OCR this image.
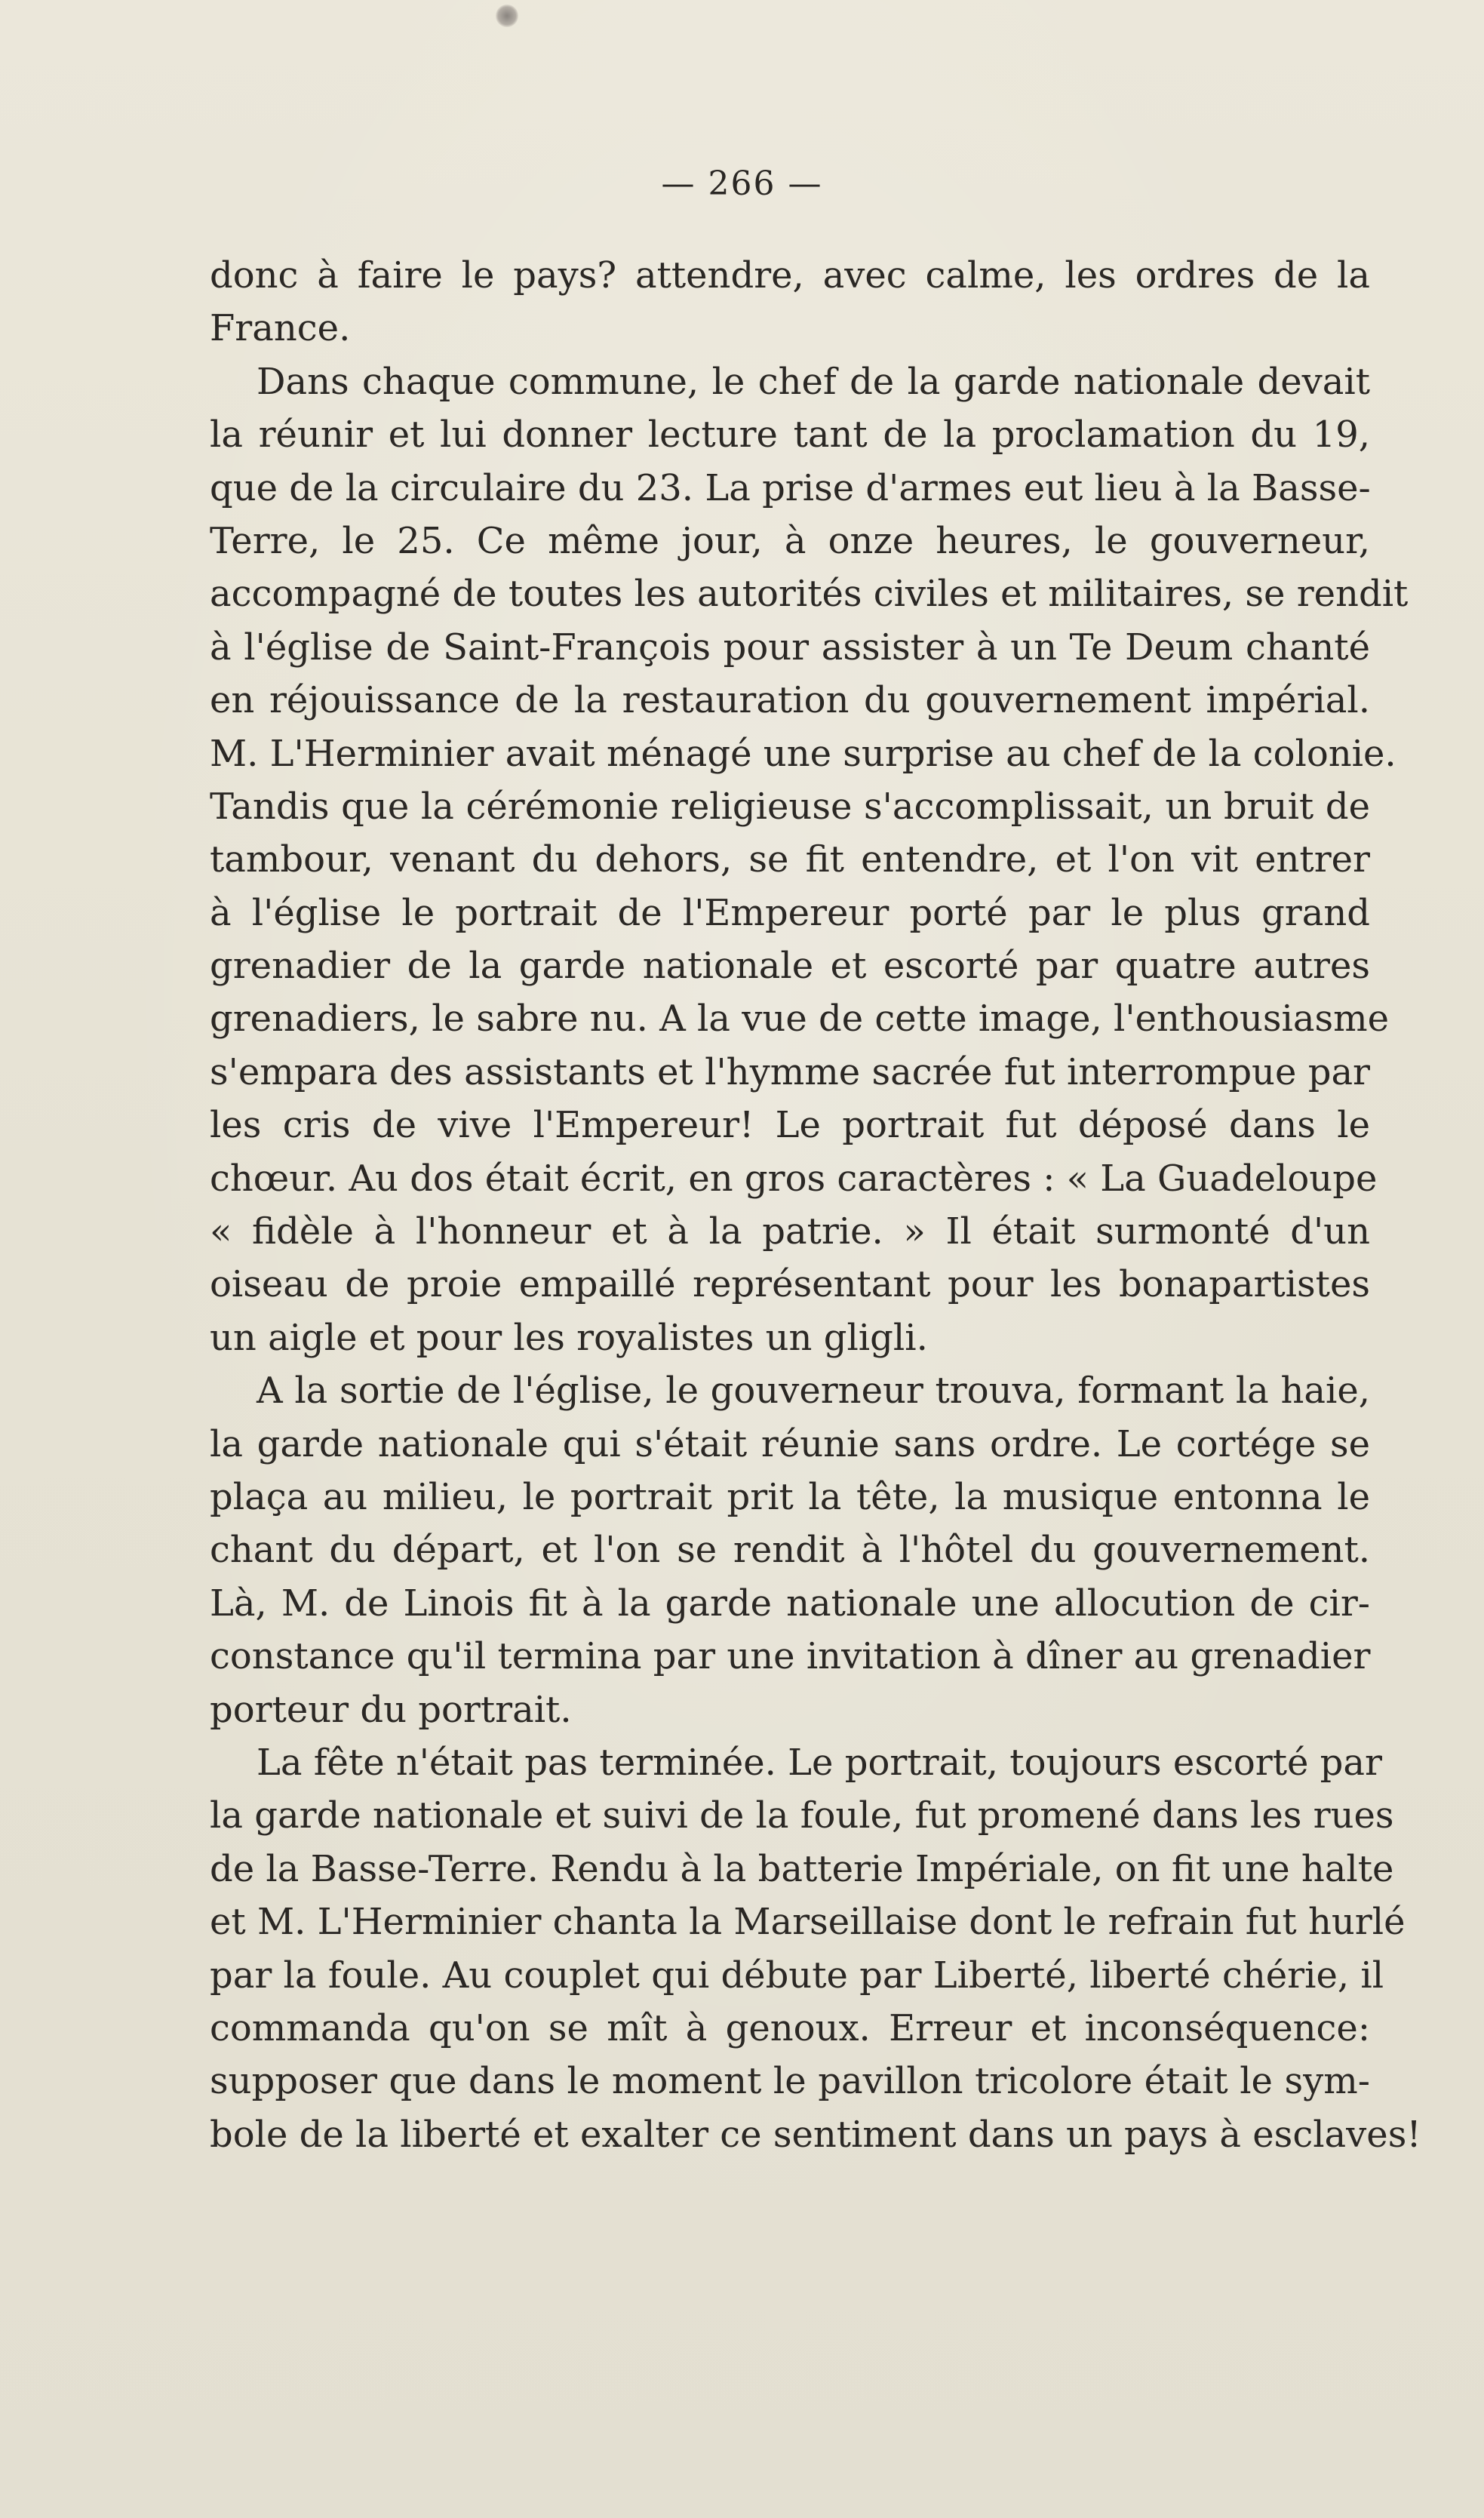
— 266 —
donc à faire le pays? attendre, avec calme, les ordres de la
France.
Dans chaque commune, le chef de la garde nationale devait
la réunir et lui donner lecture tant de la proclamation du 19,
que de la circulaire du 23. La prise d'armes eut lieu à la Basse-
Terre, le 25. Ce même jour, à onze heures, le gouverneur,
accompagné de toutes les autorités civiles et militaires, se rendit
à l'église de Saint-François pour assister à un Te Deum chanté
en réjouissance de la restauration du gouvernement impérial.
M. L'Herminier avait ménagé une surprise au chef de la colonie.
Tandis que la cérémonie religieuse s'accomplissait, un bruit de
tambour, venant du dehors, se fit entendre, et l'on vit entrer
à l'église le portrait de l'Empereur porté par le plus grand
grenadier de la garde nationale et escorté par quatre autres
grenadiers, le sabre nu. A la vue de cette image, l'enthousiasme
s'empara des assistants et l'hymme sacrée fut interrompue par
les cris de vive l'Empereur! Le portrait fut déposé dans le
chœur. Au dos était écrit, en gros caractères : « La Guadeloupe
« fidèle à l'honneur et à la patrie. » Il était surmonté d'un
oiseau de proie empaillé représentant pour les bonapartistes
un aigle et pour les royalistes un gligli.
A la sortie de l'église, le gouverneur trouva, formant la haie,
la garde nationale qui s'était réunie sans ordre. Le cortége se
plaça au milieu, le portrait prit la tête, la musique entonna le
chant du départ, et l'on se rendit à l'hôtel du gouvernement.
Là, M. de Linois fit à la garde nationale une allocution de cir-
constance qu'il termina par une invitation à dîner au grenadier
porteur du portrait.
La fête n'était pas terminée. Le portrait, toujours escorté par
la garde nationale et suivi de la foule, fut promené dans les rues
de la Basse-Terre. Rendu à la batterie Impériale, on fit une halte
et M. L'Herminier chanta la Marseillaise dont le refrain fut hurlé
par la foule. Au couplet qui débute par Liberté, liberté chérie, il
commanda qu'on se mît à genoux. Erreur et inconséquence:
supposer que dans le moment le pavillon tricolore était le sym-
bole de la liberté et exalter ce sentiment dans un pays à esclaves!
